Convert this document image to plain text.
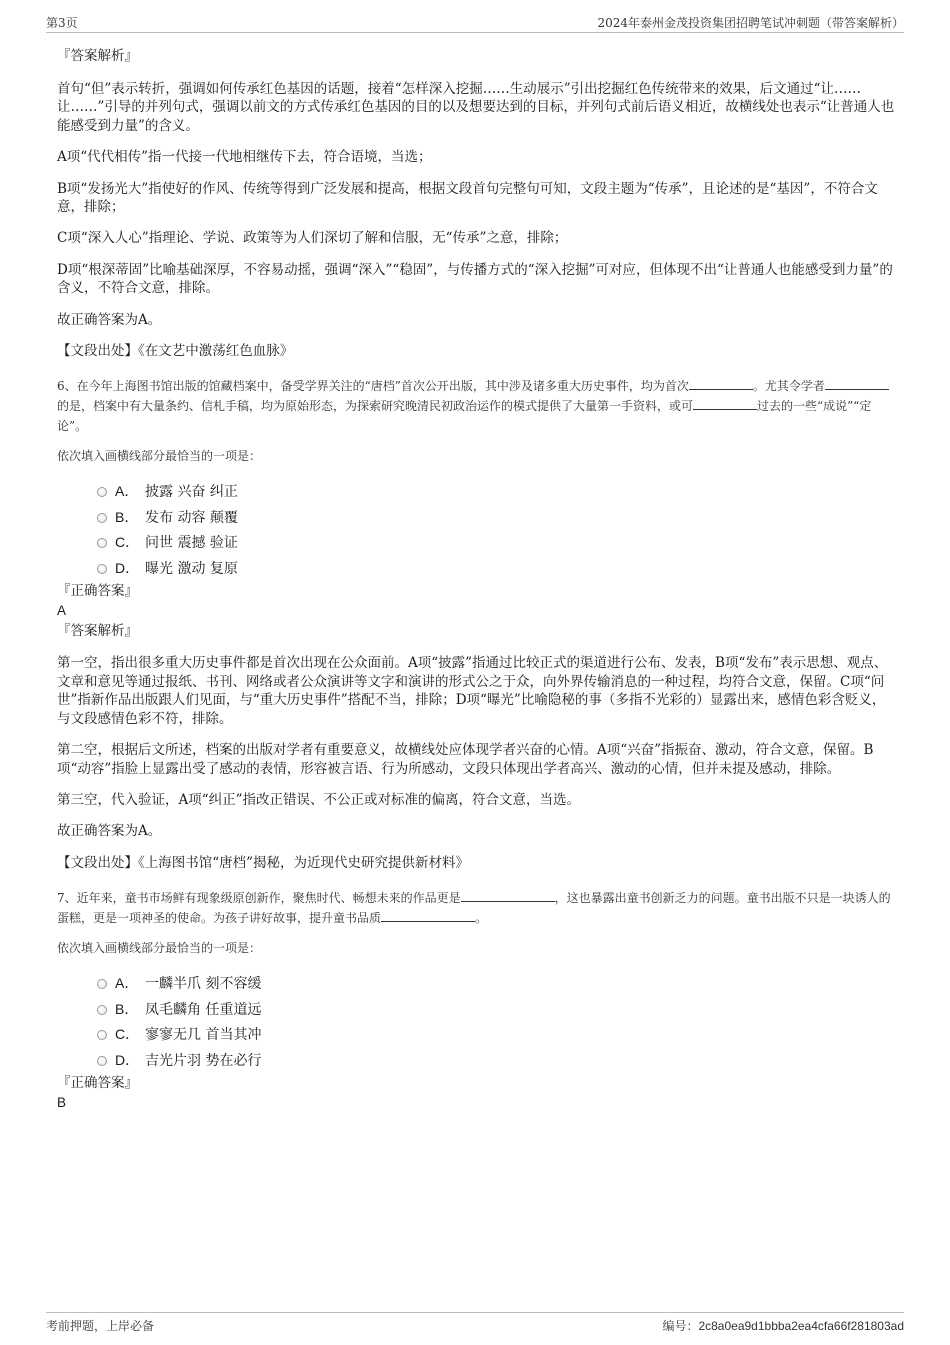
第3页	2024年泰州金茂投资集团招聘笔试冲刺题（带答案解析）

『答案解析』

首句“但”表示转折，强调如何传承红色基因的话题，接着“怎样深入挖掘……生动展示”引出挖掘红色传统带来的效果，后文通过“让……让……”引导的并列句式，强调以前文的方式传承红色基因的目的以及想要达到的目标，并列句式前后语义相近，故横线处也表示“让普通人也能感受到力量”的含义。

A项“代代相传”指一代接一代地相继传下去，符合语境，当选；

B项“发扬光大”指使好的作风、传统等得到广泛发展和提高，根据文段首句完整句可知，文段主题为“传承”，且论述的是“基因”，不符合文意，排除；

C项“深入人心”指理论、学说、政策等为人们深切了解和信服，无“传承”之意，排除；

D项“根深蒂固”比喻基础深厚，不容易动摇，强调“深入”“稳固”，与传播方式的“深入挖掘”可对应，但体现不出“让普通人也能感受到力量”的含义，不符合文意，排除。

故正确答案为A。

【文段出处】《在文艺中激荡红色血脉》

6、在今年上海图书馆出版的馆藏档案中，备受学界关注的“唐档”首次公开出版，其中涉及诸多重大历史事件，均为首次	。尤其令学者的是，档案中有大量条约、信札手稿，均为原始形态，为探索研究晚清民初政治运作的模式提供了大量第一手资料，或可	过去的一些“成说”“定论”。

依次填入画横线部分最恰当的一项是：

A． 披露 兴奋 纠正
B． 发布 动容 颠覆
C． 问世 震撼 验证
D． 曝光 激动 复原

『正确答案』

A

『答案解析』

第一空，指出很多重大历史事件都是首次出现在公众面前。A项“披露”指通过比较正式的渠道进行公布、发表，B项“发布”表示思想、观点、文章和意见等通过报纸、书刊、网络或者公众演讲等文字和演讲的形式公之于众，向外界传输消息的一种过程，均符合文意，保留。C项“问世”指新作品出版跟人们见面，与“重大历史事件”搭配不当，排除；D项“曝光”比喻隐秘的事（多指不光彩的）显露出来，感情色彩含贬义，与文段感情色彩不符，排除。

第二空，根据后文所述，档案的出版对学者有重要意义，故横线处应体现学者兴奋的心情。A项“兴奋”指振奋、激动，符合文意，保留。B项“动容”指脸上显露出受了感动的表情，形容被言语、行为所感动，文段只体现出学者高兴、激动的心情，但并未提及感动，排除。

第三空，代入验证，A项“纠正”指改正错误、不公正或对标准的偏离，符合文意，当选。

故正确答案为A。

【文段出处】《上海图书馆“唐档”揭秘，为近现代史研究提供新材料》

7、近年来，童书市场鲜有现象级原创新作，聚焦时代、畅想未来的作品更是	，这也暴露出童书创新乏力的问题。童书出版不只是一块诱人的蛋糕，更是一项神圣的使命。为孩子讲好故事，提升童书品质	。

依次填入画横线部分最恰当的一项是：

A． 一麟半爪 刻不容缓
B． 凤毛麟角 任重道远
C． 寥寥无几 首当其冲
D． 吉光片羽 势在必行

『正确答案』

B

考前押题，上岸必备	编号：2c8a0ea9d1bbba2ea4cfa66f281803ad
